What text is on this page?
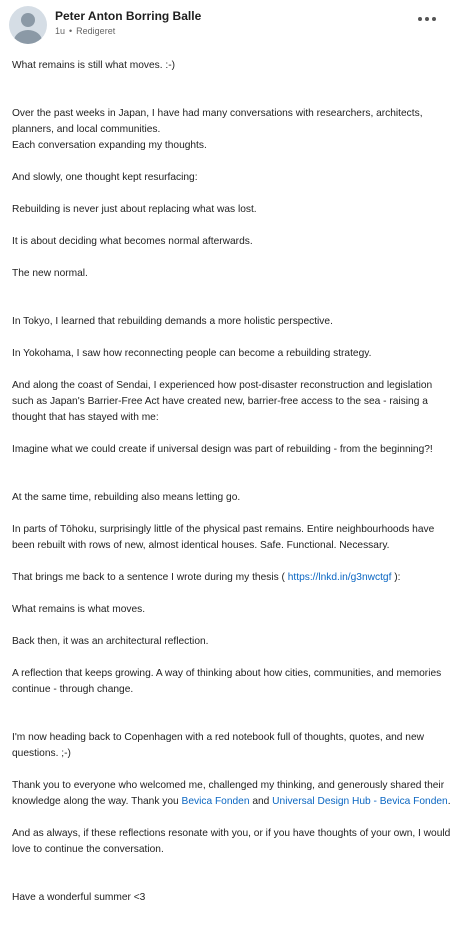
Peter Anton Borring Balle
1u • Redigeret

What remains is still what moves. :-)

Over the past weeks in Japan, I have had many conversations with researchers, architects, planners, and local communities.

Each conversation expanding my thoughts.

And slowly, one thought kept resurfacing:

Rebuilding is never just about replacing what was lost.

It is about deciding what becomes normal afterwards.

The new normal.

In Tokyo, I learned that rebuilding demands a more holistic perspective.

In Yokohama, I saw how reconnecting people can become a rebuilding strategy.

And along the coast of Sendai, I experienced how post-disaster reconstruction and legislation such as Japan's Barrier-Free Act have created new, barrier-free access to the sea - raising a thought that has stayed with me:

Imagine what we could create if universal design was part of rebuilding - from the beginning?!

At the same time, rebuilding also means letting go.

In parts of Tōhoku, surprisingly little of the physical past remains. Entire neighbourhoods have been rebuilt with rows of new, almost identical houses. Safe. Functional. Necessary.

That brings me back to a sentence I wrote during my thesis ( https://lnkd.in/g3nwctgf ):

What remains is what moves.

Back then, it was an architectural reflection.

A reflection that keeps growing. A way of thinking about how cities, communities, and memories continue - through change.

I'm now heading back to Copenhagen with a red notebook full of thoughts, quotes, and new questions. ;-)

Thank you to everyone who welcomed me, challenged my thinking, and generously shared their knowledge along the way. Thank you Bevica Fonden and Universal Design Hub - Bevica Fonden.

And as always, if these reflections resonate with you, or if you have thoughts of your own, I would love to continue the conversation.

Have a wonderful summer <3
